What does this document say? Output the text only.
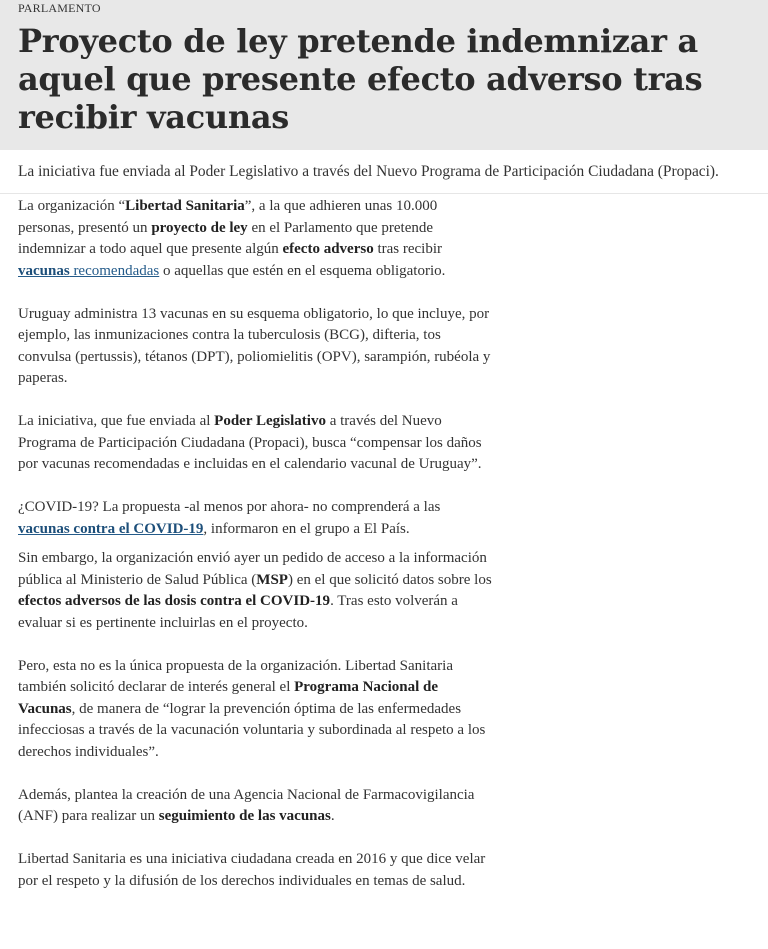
PARLAMENTO
Proyecto de ley pretende indemnizar a aquel que presente efecto adverso tras recibir vacunas

La iniciativa fue enviada al Poder Legislativo a través del Nuevo Programa de Participación Ciudadana (Propaci).

La organización “Libertad Sanitaria”, a la que adhieren unas 10.000 personas, presentó un proyecto de ley en el Parlamento que pretende indemnizar a todo aquel que presente algún efecto adverso tras recibir vacunas recomendadas o aquellas que estén en el esquema obligatorio.

Uruguay administra 13 vacunas en su esquema obligatorio, lo que incluye, por ejemplo, las inmunizaciones contra la tuberculosis (BCG), difteria, tos convulsa (pertussis), tétanos (DPT), poliomielitis (OPV), sarampión, rubéola y paperas.

La iniciativa, que fue enviada al Poder Legislativo a través del Nuevo Programa de Participación Ciudadana (Propaci), busca “compensar los daños por vacunas recomendadas e incluidas en el calendario vacunal de Uruguay”.

¿COVID-19? La propuesta -al menos por ahora- no comprenderá a las vacunas contra el COVID-19, informaron en el grupo a El País.

Sin embargo, la organización envió ayer un pedido de acceso a la información pública al Ministerio de Salud Pública (MSP) en el que solicitó datos sobre los efectos adversos de las dosis contra el COVID-19. Tras esto volverán a evaluar si es pertinente incluirlas en el proyecto.

Pero, esta no es la única propuesta de la organización. Libertad Sanitaria también solicitó declarar de interés general el Programa Nacional de Vacunas, de manera de “lograr la prevención óptima de las enfermedades infecciosas a través de la vacunación voluntaria y subordinada al respeto a los derechos individuales”.

Además, plantea la creación de una Agencia Nacional de Farmacovigilancia (ANF) para realizar un seguimiento de las vacunas.

Libertad Sanitaria es una iniciativa ciudadana creada en 2016 y que dice velar por el respeto y la difusión de los derechos individuales en temas de salud.
